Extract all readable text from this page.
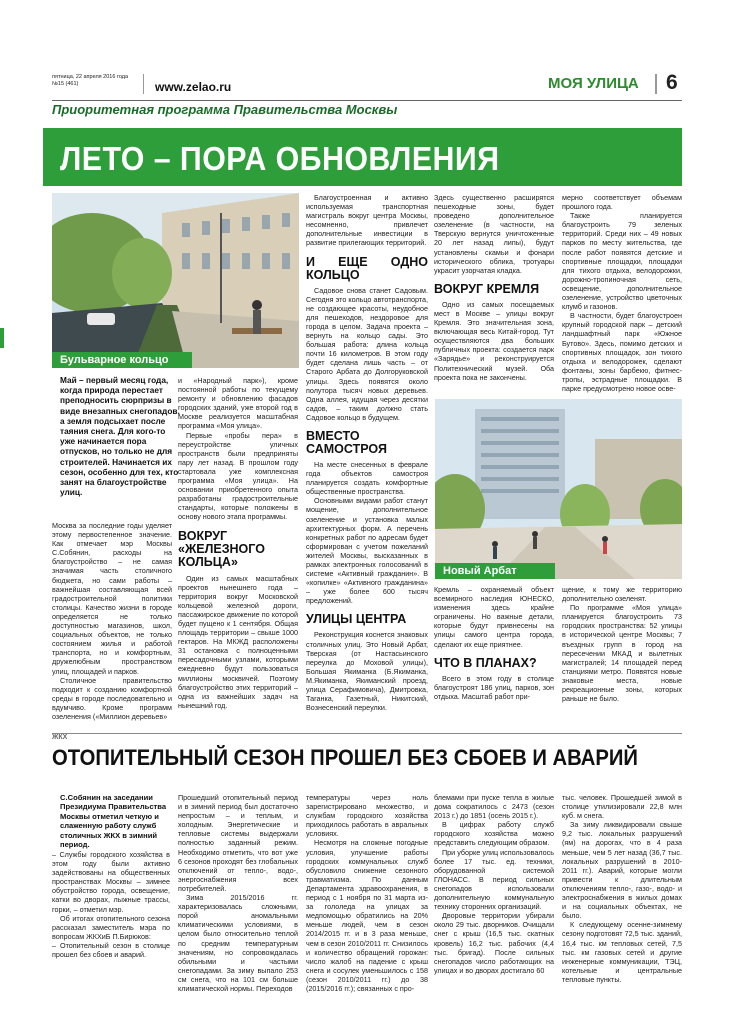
пятница, 22 апреля 2016 года
№15 (461)	www.zelao.ru	МОЯ УЛИЦА 6
Приоритетная программа Правительства Москвы
ЛЕТО – ПОРА ОБНОВЛЕНИЯ
Бульварное кольцо

Май – первый месяц года, когда природа перестает преподносить сюрпризы в виде внезапных снегопадов, а земля подсыхает после таяния снега. Для кого-то уже начинается пора отпусков, но только не для строителей. Начинается их сезон, особенно для тех, кто занят на благоустройстве улиц.

Москва за последние годы уделяет этому первостепенное значение. Как отмечает мэр Москвы С.Собянин, расходы на благоустройство – не самая значимая часть столичного бюджета, но сами работы – важнейшая составляющая всей градостроительной политики столицы. Качество жизни в городе определяется не только доступностью магазинов, школ, социальных объектов, не только состоянием жилья и работой транспорта, но и комфортным, дружелюбным пространством улиц, площадей и парков.

Столичное правительство подходит к созданию комфортной среды в городе последовательно и вдумчиво. Кроме программ озеленения («Миллион деревьев»

и «Народный парк»), кроме постоянной работы по текущему ремонту и обновлению фасадов городских зданий, уже второй год в Москве реализуется масштабная программа «Моя улица».

Первые «пробы пера» в переустройстве уличных пространств были предприняты пару лет назад. В прошлом году стартовала уже комплексная программа «Моя улица». На основании приобретенного опыта разработаны градостроительные стандарты, которые положены в основу нового этапа программы.

ВОКРУГ «ЖЕЛЕЗНОГО КОЛЬЦА»

Один из самых масштабных проектов нынешнего года – территория вокруг Московской кольцевой железной дороги, пассажирское движение по которой будет пущено к 1 сентября. Общая площадь территории – свыше 1000 гектаров. На МКЖД расположены 31 остановка с полноценными пересадочными узлами, которыми ежедневно будут пользоваться миллионы москвичей. Поэтому благоустройство этих территорий – одна из важнейших задач на нынешний год.

Благоустроенная и активно используемая транспортная магистраль вокруг центра Москвы, несомненно, привлечет дополнительные инвестиции в развитие прилегающих территорий.

И ЕЩЕ ОДНО КОЛЬЦО

Садовое снова станет Садовым. Сегодня это кольцо автотранспорта, не создающее красоты, неудобное для пешеходов, нездоровое для города в целом. Задача проекта – вернуть на кольцо сады. Это большая работа: длина кольца почти 16 километров. В этом году будет сделана лишь часть – от Старого Арбата до Долгоруковской улицы. Здесь появятся около полутора тысяч новых деревьев. Одна аллея, идущая через десятки садов, – таким должно стать Садовое кольцо в будущем.

ВМЕСТО САМОСТРОЯ

На месте снесенных в феврале года объектов самостроя планируется создать комфортные общественные пространства.

Основными видами работ станут мощение, дополнительное озеленение и установка малых архитектурных форм. А перечень конкретных работ по адресам будет сформирован с учетом пожеланий жителей Москвы, высказанных в рамках электронных голосований в системе «Активный гражданин». В «копилке» «Активного гражданина» – уже более 600 тысяч предложений.

УЛИЦЫ ЦЕНТРА

Реконструкция коснется знаковых столичных улиц. Это Новый Арбат, Тверская (от Настасьинского переулка до Моховой улицы), Большая Якиманка (Б.Якиманка, М.Якиманка, Якиманский проезд, улица Серафимовича), Дмитровка, Таганка, Газетный, Никитский, Вознесенский переулки.

Здесь существенно расширятся пешеходные зоны, будет проведено дополнительное озеленение (в частности, на Тверскую вернутся уничтоженные 20 лет назад липы), будут установлены скамьи и фонари исторического облика, тротуары украсит узорчатая кладка.

ВОКРУГ КРЕМЛЯ

Одно из самых посещаемых мест в Москве – улицы вокруг Кремля. Это значительная зона, включающая весь Китай-город. Тут осуществляются два больших публичных проекта: создается парк «Зарядье» и реконструируется Политехнический музей. Оба проекта пока не закончены.

Кремль – охраняемый объект всемирного наследия ЮНЕСКО, изменения здесь крайне ограничены. Но важные детали, которые будут привнесены на улицы самого центра города, сделают их еще приятнее.

ЧТО В ПЛАНАХ?

Всего в этом году в столице благоустроят 186 улиц, парков, зон отдыха. Масштаб работ при-

мерно соответствует объемам прошлого года.

Также планируется благоустроить 79 зеленых территорий. Среди них – 49 новых парков по месту жительства, где после работ появятся детские и спортивные площадки, площадки для тихого отдыха, велодорожки, дорожно-тропиночная сеть, освещение, дополнительное озеленение, устройство цветочных клумб и газонов.

В частности, будет благоустроен крупный городской парк – детский ландшафтный парк «Южное Бутово». Здесь, помимо детских и спортивных площадок, зон тихого отдыха и велодорожек, сделают фонтаны, зоны барбекю, фитнес-тропы, эстрадные площадки. В парке предусмотрено новое осве-

щение, к тому же территорию дополнительно озеленят.

По программе «Моя улица» планируется благоустроить 73 городских пространства: 52 улицы в исторической центре Москвы; 7 въездных групп в город на пересечении МКАД и вылетных магистралей; 14 площадей перед станциями метро. Появятся новые знаковые места, новые рекреационные зоны, которых раньше не было.

Новый Арбат
ЖКХ
ОТОПИТЕЛЬНЫЙ СЕЗОН ПРОШЕЛ БЕЗ СБОЕВ И АВАРИЙ

С.Собянин на заседании Президиума Правительства Москвы отметил четкую и слаженную работу служб столичных ЖКХ в зимний период.

– Службы городского хозяйства в этом году были активно задействованы на общественных пространствах Москвы – зимнее обустройство города, освещение, катки во дворах, лыжные трассы, горки, – отметил мэр.

Об итогах отопительного сезона рассказал заместитель мэра по вопросам ЖКХиБ П.Бирюков:

– Отопительный сезон в столице прошел без сбоев и аварий.

Прошедший отопительный период и в зимний период был достаточно непростым – и теплым, и холодным. Энергетические и тепловые системы выдержали полностью заданный режим. Необходимо отметить, что вот уже 6 сезонов проходят без глобальных отключений от тепло-, водо-, энергоснабжения всех потребителей.

Зима 2015/2016 гг. характеризовалась сложными, порой аномальными климатическими условиями, в целом было относительно теплой по средним температурным значениям, но сопровождалась обильными и частыми снегопадами. За зиму выпало 253 см снега, что на 101 см больше климатической нормы. Переходов

температуры через ноль зарегистрировано множество, и службам городского хозяйства приходилось работать в авральных условиях.

Несмотря на сложные погодные условия, улучшение работы городских коммунальных служб обусловило снижение сезонного травматизма. По данным Департамента здравоохранения, в период с 1 ноября по 31 марта из-за гололеда на улицах за медпомощью обратились на 20% меньше людей, чем в сезон 2014/2015 гг. и в 3 раза меньше, чем в сезон 2010/2011 гг. Снизилось и количество обращений горожан: число жалоб на падение с крыш снега и сосулек уменьшилось с 158 (сезон 2010/2011 гг.) до 38 (2015/2016 гг.); связанных с про-

блемами при пуске тепла в жилые дома сократилось с 2473 (сезон 2013 г.) до 1851 (осень 2015 г.).

В цифрах работу служб городского хозяйства можно представить следующим образом.

При уборке улиц использовалось более 17 тыс. ед. техники, оборудованной системой ГЛОНАСС. В период сильных снегопадов использовали дополнительную коммунальную технику сторонних организаций.

Дворовые территории убирали около 29 тыс. дворников. Очищали снег с крыш (16,5 тыс. скатных кровель) 16,2 тыс. рабочих (4,4 тыс. бригад). После сильных снегопадов число работающих на улицах и во дворах достигало 60

тыс. человек. Прошедшей зимой в столице утилизировали 22,8 млн куб. м снега.

За зиму ликвидировали свыше 9,2 тыс. локальных разрушений (ям) на дорогах, что в 4 раза меньше, чем 5 лет назад (36,7 тыс. локальных разрушений в 2010-2011 гг.). Аварий, которые могли привести к длительным отключениям тепло-, газо-, водо- и электроснабжения в жилых домах и на социальных объектах, не было.

К следующему осенне-зимнему сезону подготовят 72,5 тыс. зданий, 16,4 тыс. км тепловых сетей, 7,5 тыс. км газовых сетей и другие инженерные коммуникации, ТЭЦ, котельные и центральные тепловые пункты.
